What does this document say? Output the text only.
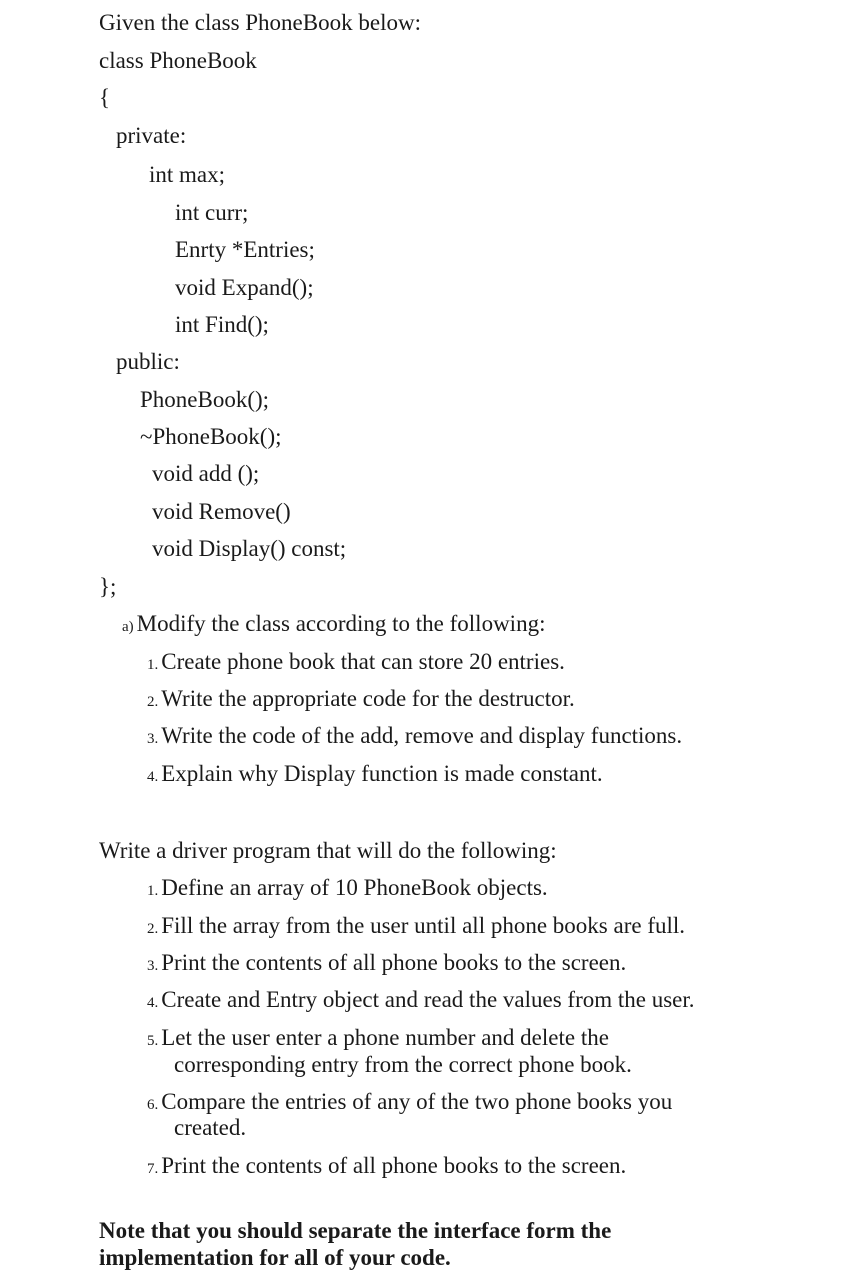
Given the class PhoneBook below:

class PhoneBook

{

private:

int max;

int curr;

Enrty *Entries;

void Expand();

int Find();

public:

PhoneBook();

~PhoneBook();

void add ();

void Remove()

void Display() const;

};

a) Modify the class according to the following:

1. Create phone book that can store 20 entries.

2. Write the appropriate code for the destructor.

3. Write the code of the add, remove and display functions.

4. Explain why Display function is made constant.

Write a driver program that will do the following:

1. Define an array of 10 PhoneBook objects.

2. Fill the array from the user until all phone books are full.

3. Print the contents of all phone books to the screen.

4. Create and Entry object and read the values from the user.

5. Let the user enter a phone number and delete the

corresponding entry from the correct phone book.

6. Compare the entries of any of the two phone books you

created.

7. Print the contents of all phone books to the screen.

Note that you should separate the interface form the

implementation for all of your code.
